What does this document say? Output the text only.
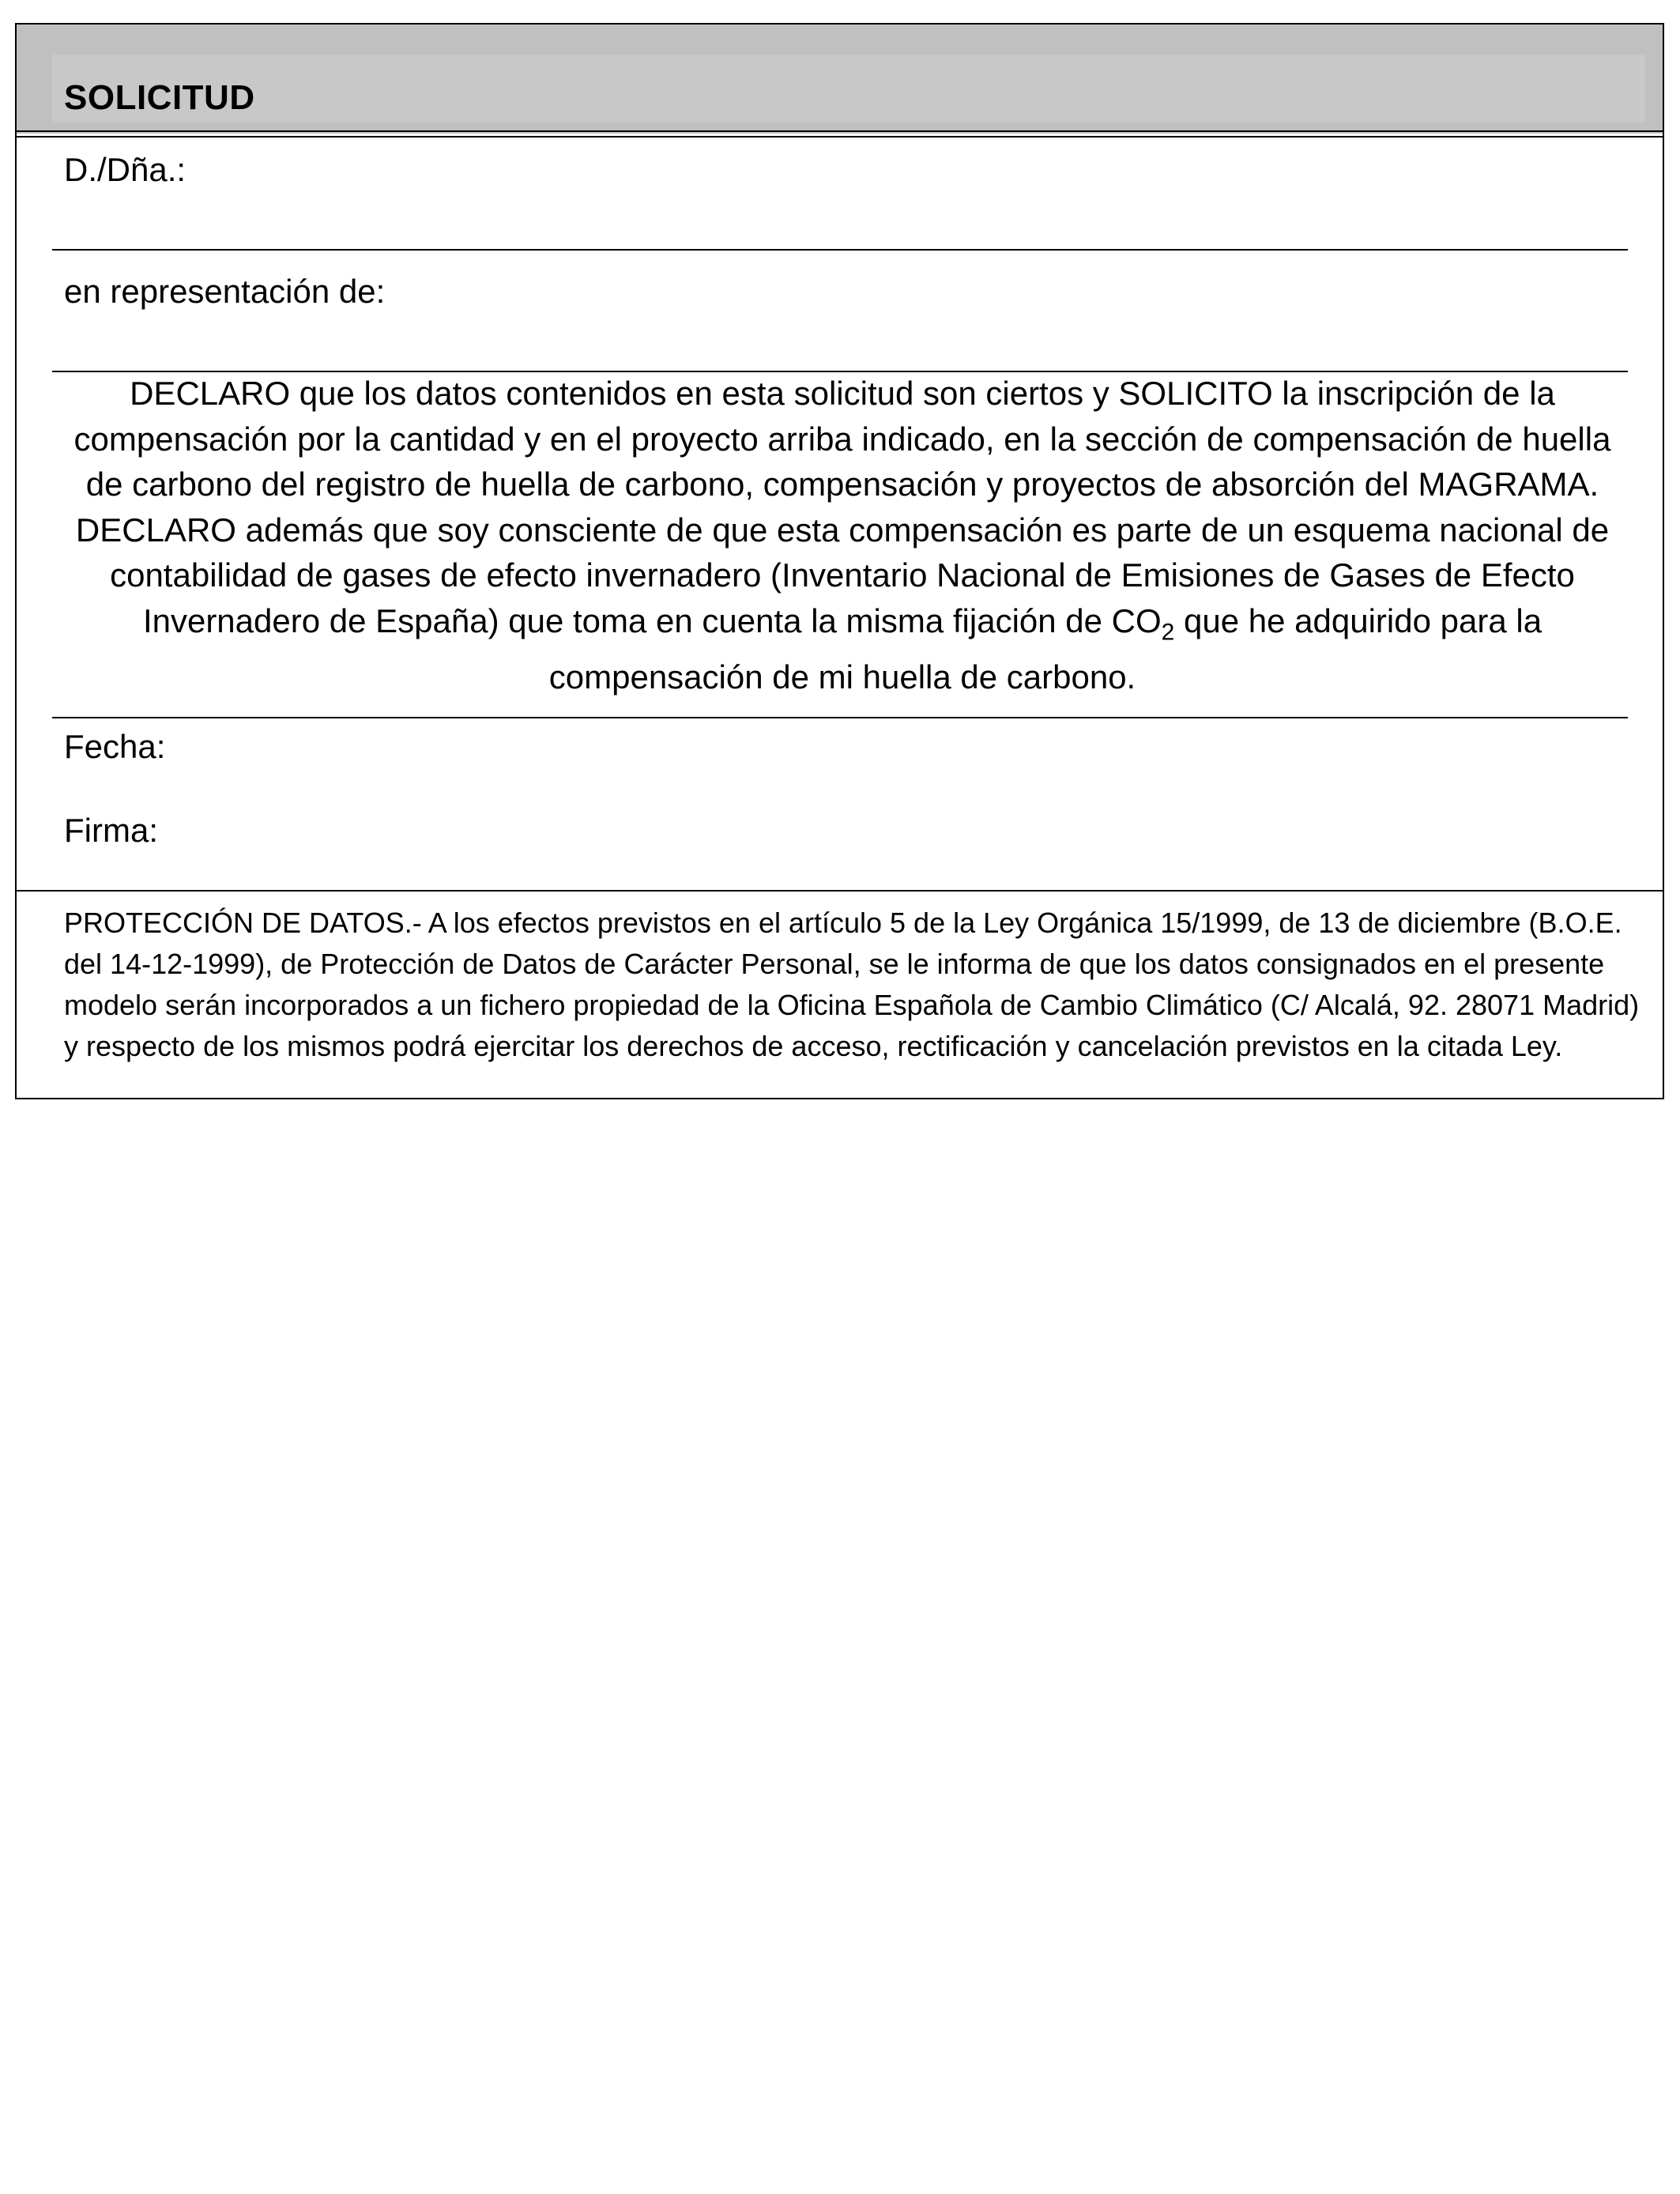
SOLICITUD
D./Dña.:
en representación de:
DECLARO que los datos contenidos en esta solicitud son ciertos y SOLICITO la inscripción de la compensación por la cantidad y en el proyecto arriba indicado, en la sección de compensación de huella de carbono del registro de huella de carbono, compensación y proyectos de absorción del MAGRAMA. DECLARO además que soy consciente de que esta compensación es parte de un esquema nacional de contabilidad de gases de efecto invernadero (Inventario Nacional de Emisiones de Gases de Efecto Invernadero de España) que toma en cuenta la misma fijación de $CO_2$ que he adquirido para la compensación de mi huella de carbono.
Fecha:
Firma:
PROTECCIÓN DE DATOS.- A los efectos previstos en el artículo 5 de la Ley Orgánica 15/1999, de 13 de diciembre (B.O.E. del 14-12-1999), de Protección de Datos de Carácter Personal, se le informa de que los datos consignados en el presente modelo serán incorporados a un fichero propiedad de la Oficina Española de Cambio Climático (C/ Alcalá, 92. 28071 Madrid) y respecto de los mismos podrá ejercitar los derechos de acceso, rectificación y cancelación previstos en la citada Ley.
